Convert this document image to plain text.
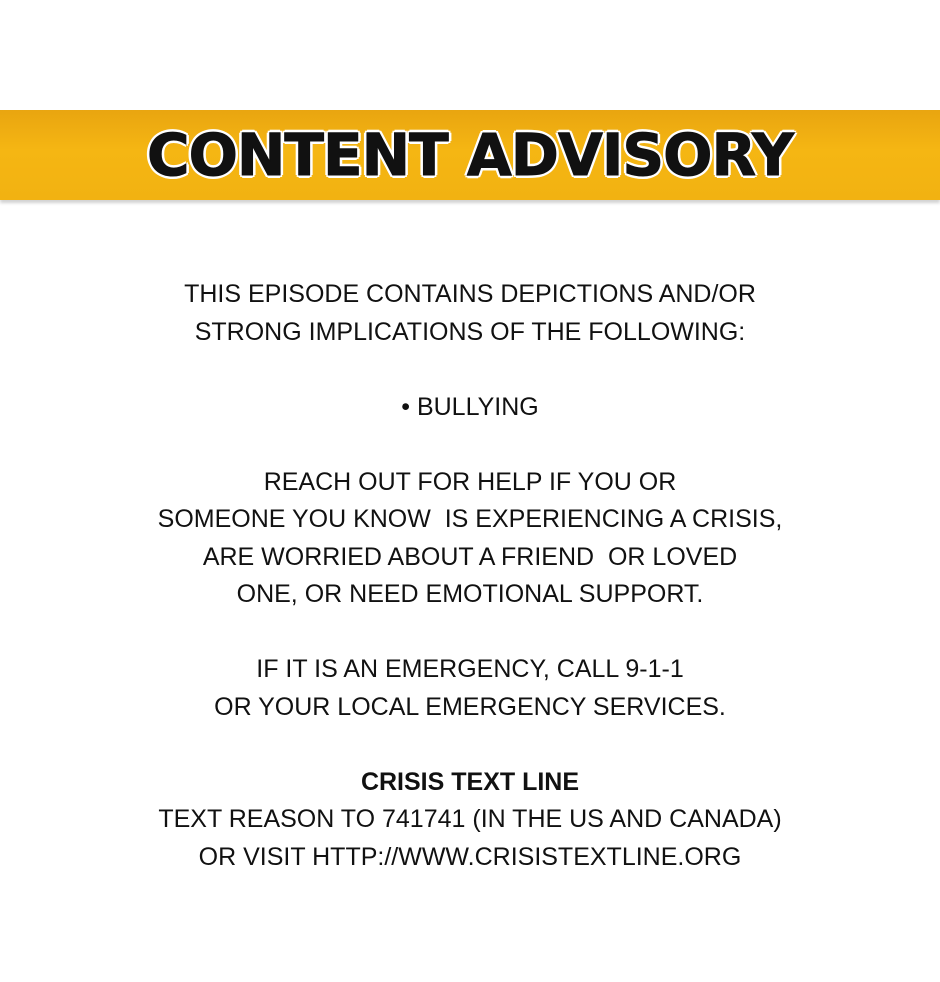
CONTENT ADVISORY
THIS EPISODE CONTAINS DEPICTIONS AND/OR
STRONG IMPLICATIONS OF THE FOLLOWING:
• BULLYING
REACH OUT FOR HELP IF YOU OR
SOMEONE YOU KNOW  IS EXPERIENCING A CRISIS,
ARE WORRIED ABOUT A FRIEND  OR LOVED
ONE, OR NEED EMOTIONAL SUPPORT.
IF IT IS AN EMERGENCY, CALL 9-1-1
OR YOUR LOCAL EMERGENCY SERVICES.
CRISIS TEXT LINE
TEXT REASON TO 741741 (IN THE US AND CANADA)
OR VISIT HTTP://WWW.CRISISTEXTLINE.ORG
